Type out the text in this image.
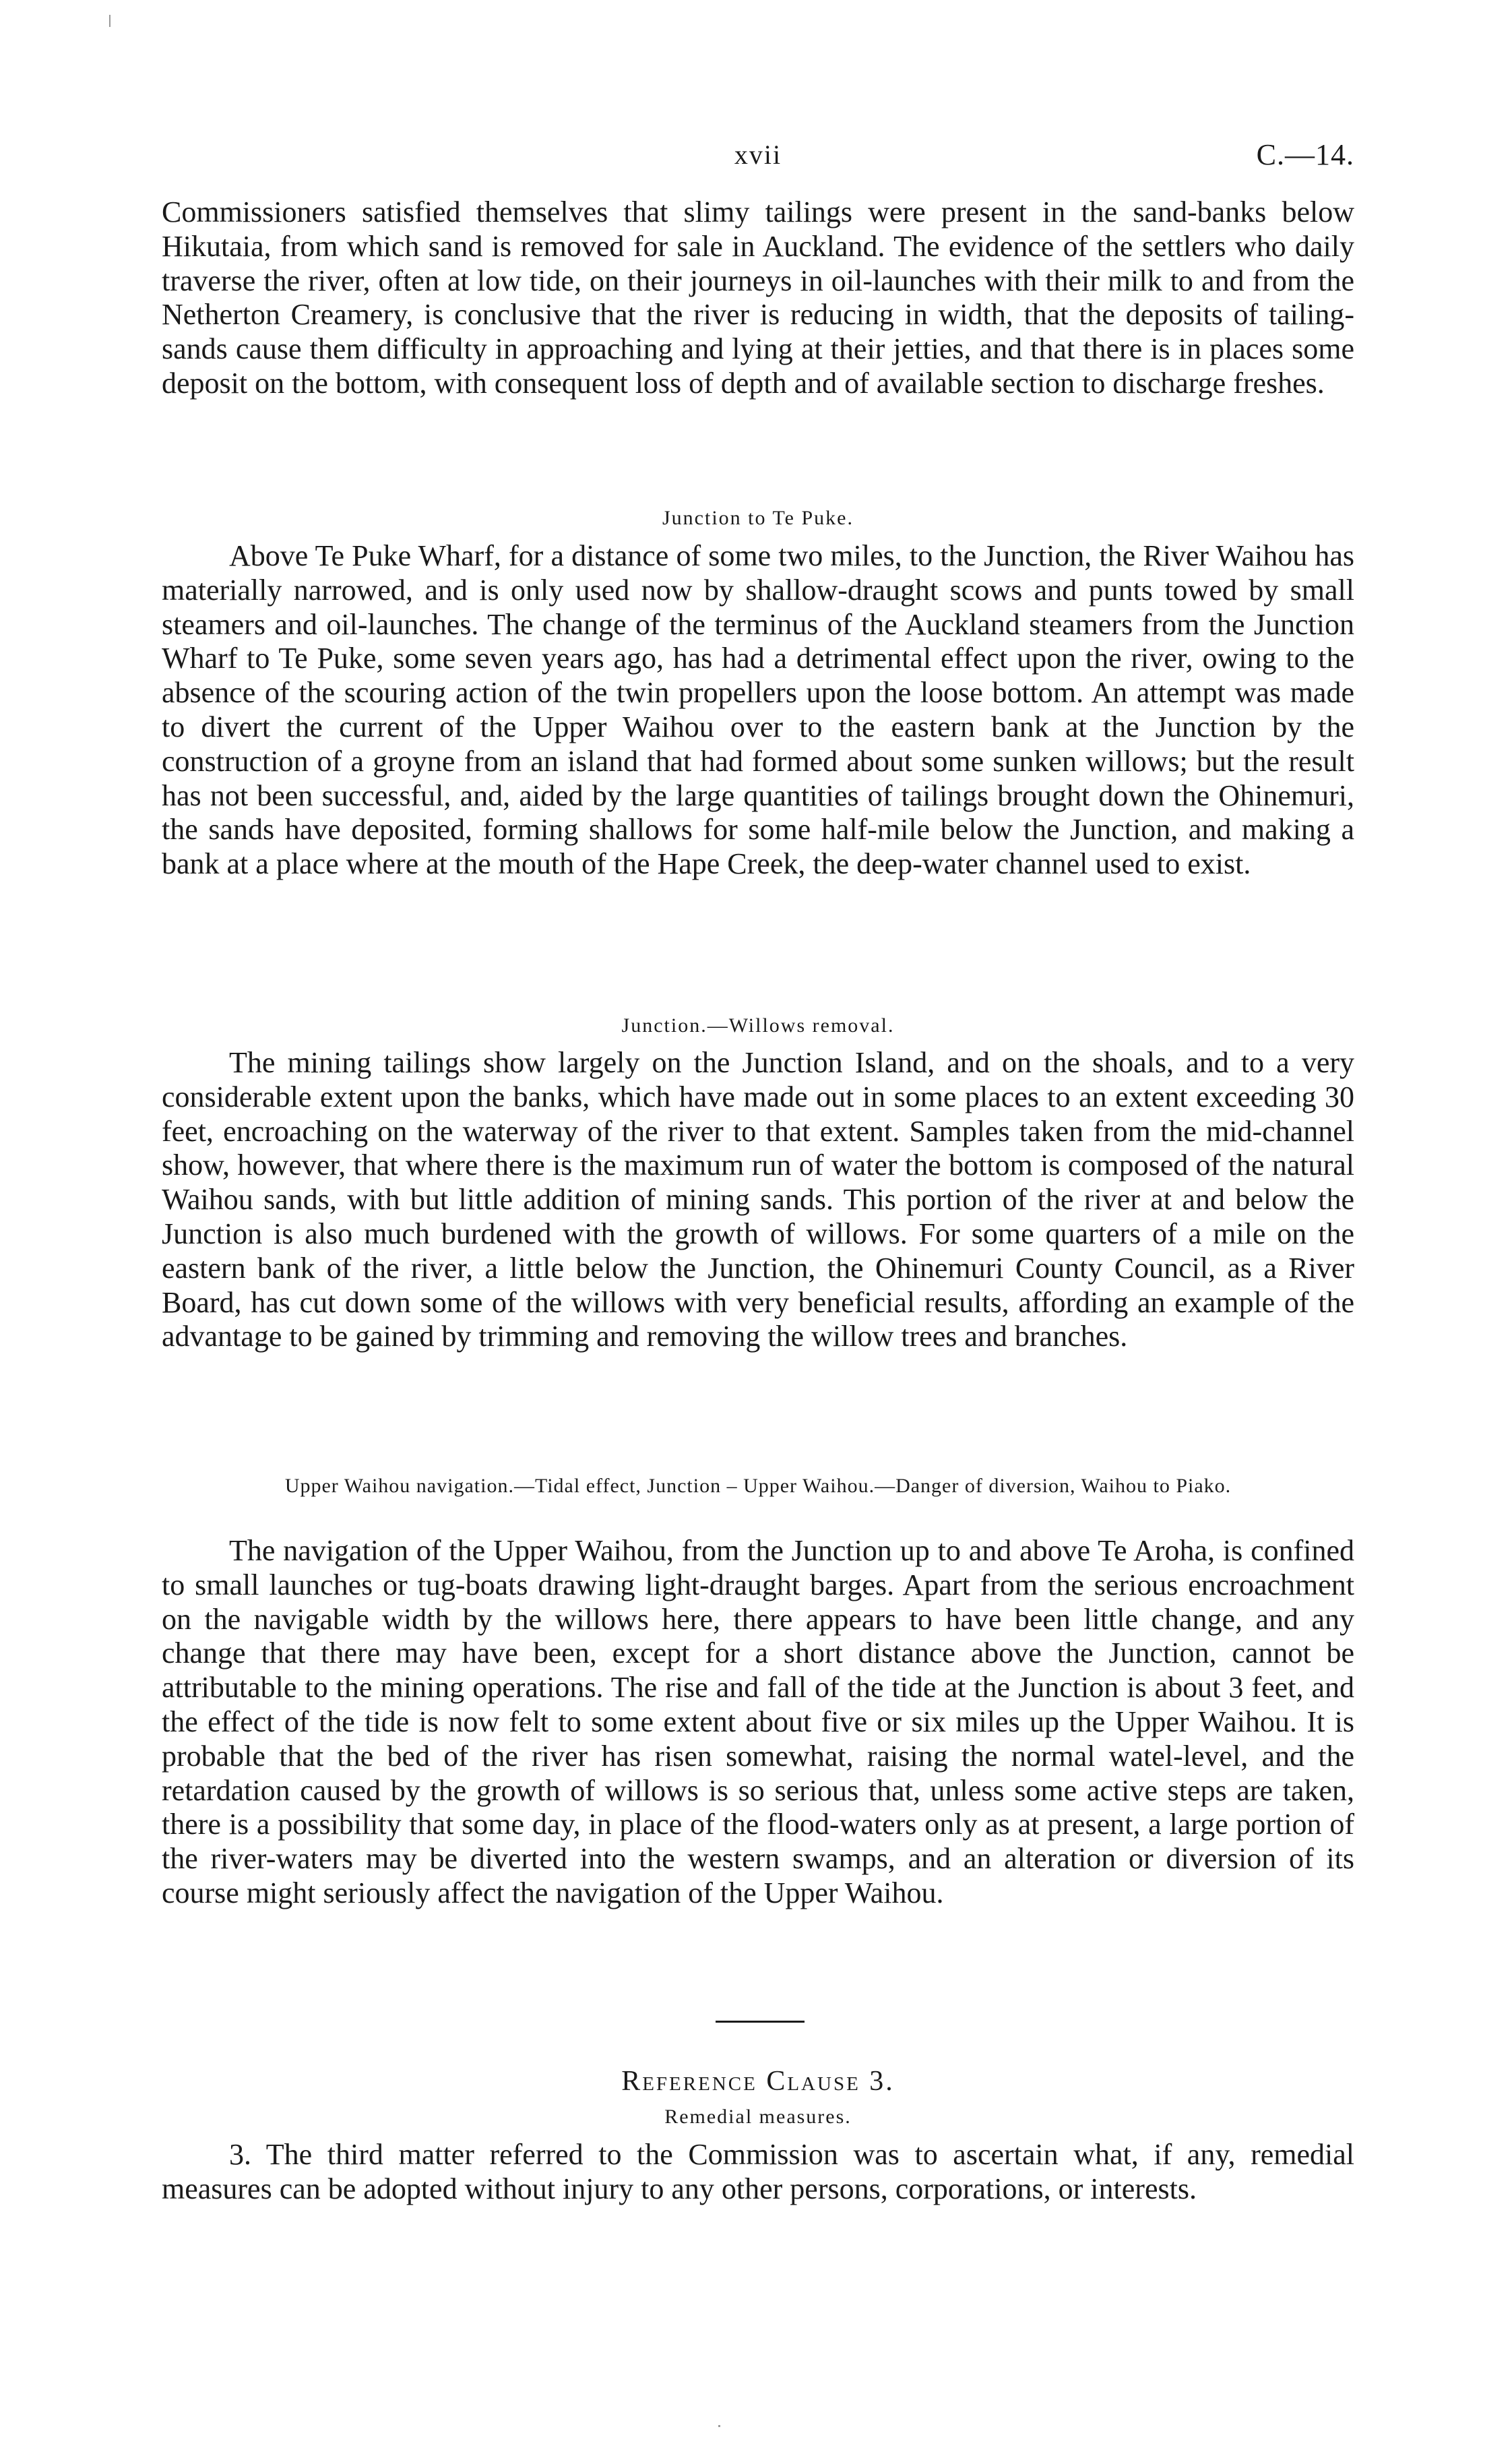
xvii	C.—14.

Commissioners satisfied themselves that slimy tailings were present in the sand-banks below Hikutaia, from which sand is removed for sale in Auckland. The evidence of the settlers who daily traverse the river, often at low tide, on their journeys in oil-launches with their milk to and from the Netherton Creamery, is conclusive that the river is reducing in width, that the deposits of tailing-sands cause them difficulty in approaching and lying at their jetties, and that there is in places some deposit on the bottom, with consequent loss of depth and of available section to discharge freshes.

Junction to Te Puke.

Above Te Puke Wharf, for a distance of some two miles, to the Junction, the River Waihou has materially narrowed, and is only used now by shallow-draught scows and punts towed by small steamers and oil-launches. The change of the terminus of the Auckland steamers from the Junction Wharf to Te Puke, some seven years ago, has had a detrimental effect upon the river, owing to the absence of the scouring action of the twin propellers upon the loose bottom. An attempt was made to divert the current of the Upper Waihou over to the eastern bank at the Junction by the construction of a groyne from an island that had formed about some sunken willows; but the result has not been successful, and, aided by the large quantities of tailings brought down the Ohinemuri, the sands have deposited, forming shallows for some half-mile below the Junction, and making a bank at a place where at the mouth of the Hape Creek, the deep-water channel used to exist.

Junction.—Willows removal.

The mining tailings show largely on the Junction Island, and on the shoals, and to a very considerable extent upon the banks, which have made out in some places to an extent exceeding 30 feet, encroaching on the waterway of the river to that extent. Samples taken from the mid-channel show, however, that where there is the maximum run of water the bottom is composed of the natural Waihou sands, with but little addition of mining sands. This portion of the river at and below the Junction is also much burdened with the growth of willows. For some quarters of a mile on the eastern bank of the river, a little below the Junction, the Ohinemuri County Council, as a River Board, has cut down some of the willows with very beneficial results, affording an example of the advantage to be gained by trimming and removing the willow trees and branches.

Upper Waihou navigation.—Tidal effect, Junction – Upper Waihou.—Danger of diversion, Waihou to Piako.

The navigation of the Upper Waihou, from the Junction up to and above Te Aroha, is confined to small launches or tug-boats drawing light-draught barges. Apart from the serious encroachment on the navigable width by the willows here, there appears to have been little change, and any change that there may have been, except for a short distance above the Junction, cannot be attributable to the mining operations. The rise and fall of the tide at the Junction is about 3 feet, and the effect of the tide is now felt to some extent about five or six miles up the Upper Waihou. It is probable that the bed of the river has risen somewhat, raising the normal watel-level, and the retardation caused by the growth of willows is so serious that, unless some active steps are taken, there is a possibility that some day, in place of the flood-waters only as at present, a large portion of the river-waters may be diverted into the western swamps, and an alteration or diversion of its course might seriously affect the navigation of the Upper Waihou.

Reference Clause 3.

Remedial measures.

3. The third matter referred to the Commission was to ascertain what, if any, remedial measures can be adopted without injury to any other persons, corporations, or interests.
